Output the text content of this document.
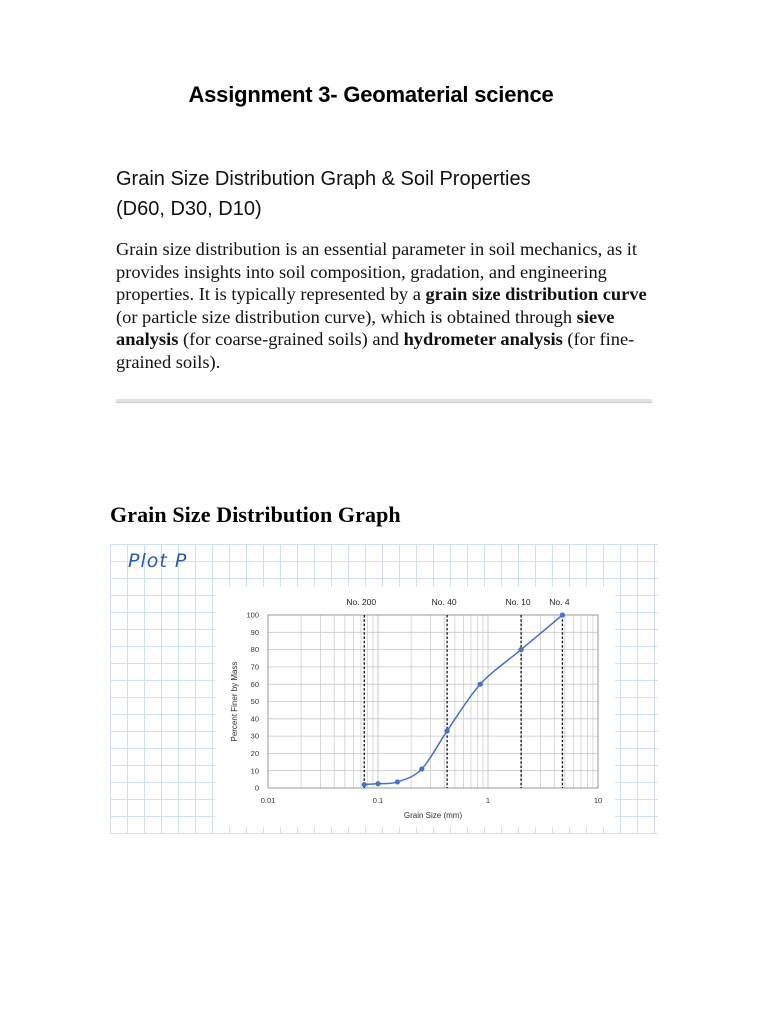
Assignment 3- Geomaterial science
Grain Size Distribution Graph & Soil Properties
(D60, D30, D10)
Grain size distribution is an essential parameter in soil mechanics, as it provides insights into soil composition, gradation, and engineering properties. It is typically represented by a grain size distribution curve (or particle size distribution curve), which is obtained through sieve analysis (for coarse-grained soils) and hydrometer analysis (for fine-grained soils).
Grain Size Distribution Graph
Plot P
0
10
20
30
40
50
60
70
80
90
100
0.01	0.1	1	10
Grain Size (mm)
Percent Finer by Mass
No. 200	No. 40	No. 10 No. 4
